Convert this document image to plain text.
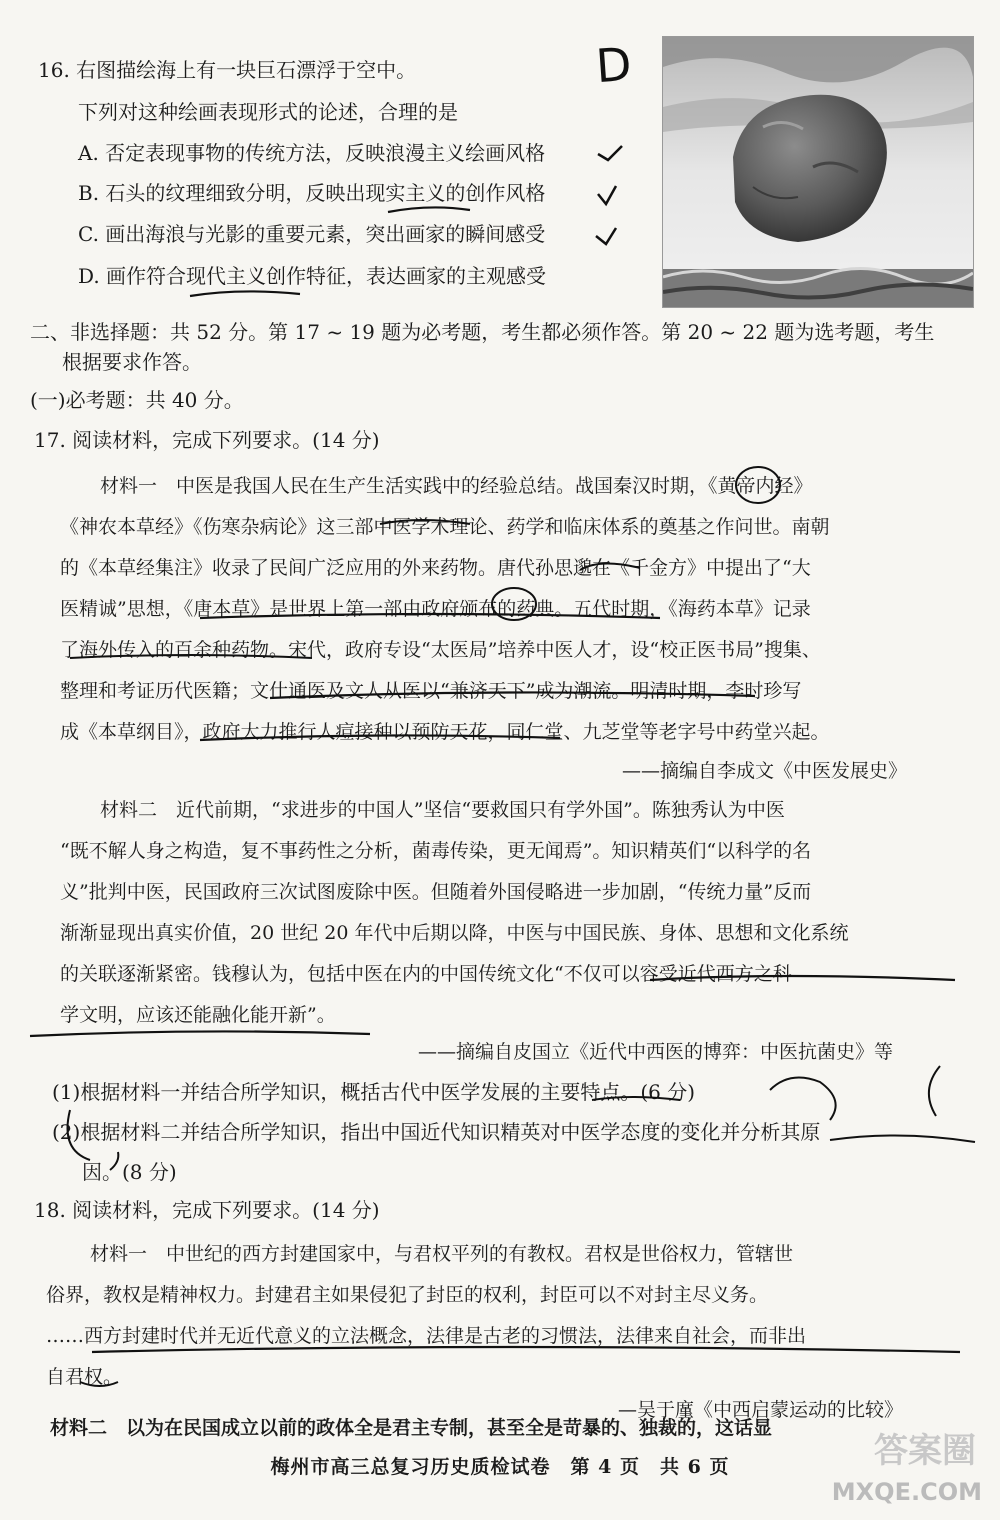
16. 右图描绘海上有一块巨石漂浮于空中。
下列对这种绘画表现形式的论述，合理的是
A. 否定表现事物的传统方法，反映浪漫主义绘画风格
B. 石头的纹理细致分明，反映出现实主义的创作风格
C. 画出海浪与光影的重要元素，突出画家的瞬间感受
D. 画作符合现代主义创作特征，表达画家的主观感受
D
二、非选择题：共 52 分。第 17 ~ 19 题为必考题，考生都必须作答。第 20 ~ 22 题为选考题，考生
根据要求作答。
(一)必考题：共 40 分。
17. 阅读材料，完成下列要求。(14 分)
材料一　中医是我国人民在生产生活实践中的经验总结。战国秦汉时期，《黄帝内经》
《神农本草经》《伤寒杂病论》这三部中医学术理论、药学和临床体系的奠基之作问世。南朝
的《本草经集注》收录了民间广泛应用的外来药物。唐代孙思邈在《千金方》中提出了“大
医精诚”思想，《唐本草》是世界上第一部由政府颁布的药典。五代时期，《海药本草》记录
了海外传入的百余种药物。宋代，政府专设“太医局”培养中医人才，设“校正医书局”搜集、
整理和考证历代医籍；文仕通医及文人从医以“兼济天下”成为潮流。明清时期，李时珍写
成《本草纲目》，政府大力推行人痘接种以预防天花，同仁堂、九芝堂等老字号中药堂兴起。
——摘编自李成文《中医发展史》
材料二　近代前期，“求进步的中国人”坚信“要救国只有学外国”。陈独秀认为中医
“既不解人身之构造，复不事药性之分析，菌毒传染，更无闻焉”。知识精英们“以科学的名
义”批判中医，民国政府三次试图废除中医。但随着外国侵略进一步加剧，“传统力量”反而
渐渐显现出真实价值，20 世纪 20 年代中后期以降，中医与中国民族、身体、思想和文化系统
的关联逐渐紧密。钱穆认为，包括中医在内的中国传统文化“不仅可以容受近代西方之科
学文明，应该还能融化能开新”。
——摘编自皮国立《近代中西医的博弈：中医抗菌史》等
(1)根据材料一并结合所学知识，概括古代中医学发展的主要特点。(6 分)
(2)根据材料二并结合所学知识，指出中国近代知识精英对中医学态度的变化并分析其原
因。(8 分)
18. 阅读材料，完成下列要求。(14 分)
材料一　中世纪的西方封建国家中，与君权平列的有教权。君权是世俗权力，管辖世
俗界，教权是精神权力。封建君主如果侵犯了封臣的权利，封臣可以不对封主尽义务。
……西方封建时代并无近代意义的立法概念，法律是古老的习惯法，法律来自社会，而非出
自君权。
—吴于廑《中西启蒙运动的比较》
材料二　以为在民国成立以前的政体全是君主专制，甚至全是苛暴的、独裁的，这话显
梅州市高三总复习历史质检试卷　第 4 页　共 6 页	答案圈
MXQE.COM
